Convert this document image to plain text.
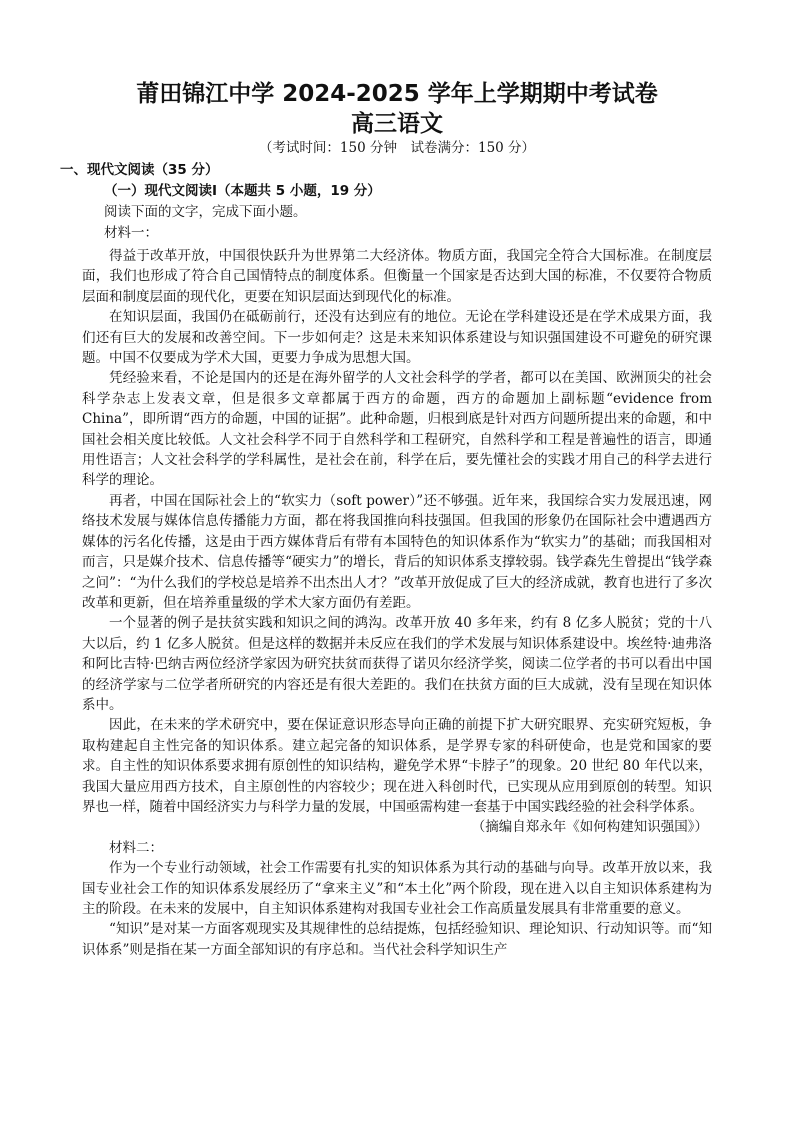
莆田锦江中学 2024-2025 学年上学期期中考试卷
高三语文
（考试时间：150 分钟　试卷满分：150 分）
一、现代文阅读（35 分）
（一）现代文阅读Ⅰ（本题共 5 小题，19 分）
阅读下面的文字，完成下面小题。
材料一：

得益于改革开放，中国很快跃升为世界第二大经济体。物质方面，我国完全符合大国标准。在制度层面，我们也形成了符合自己国情特点的制度体系。但衡量一个国家是否达到大国的标准，不仅要符合物质层面和制度层面的现代化，更要在知识层面达到现代化的标准。

在知识层面，我国仍在砥砺前行，还没有达到应有的地位。无论在学科建设还是在学术成果方面，我们还有巨大的发展和改善空间。下一步如何走？这是未来知识体系建设与知识强国建设不可避免的研究课题。中国不仅要成为学术大国，更要力争成为思想大国。

凭经验来看，不论是国内的还是在海外留学的人文社会科学的学者，都可以在美国、欧洲顶尖的社会科学杂志上发表文章，但是很多文章都属于西方的命题，西方的命题加上副标题“evidence from China”，即所谓“西方的命题，中国的证据”。此种命题，归根到底是针对西方问题所提出来的命题，和中国社会相关度比较低。人文社会科学不同于自然科学和工程研究，自然科学和工程是普遍性的语言，即通用性语言；人文社会科学的学科属性，是社会在前，科学在后，要先懂社会的实践才用自己的科学去进行科学的理论。

再者，中国在国际社会上的“软实力（soft power）”还不够强。近年来，我国综合实力发展迅速，网络技术发展与媒体信息传播能力方面，都在将我国推向科技强国。但我国的形象仍在国际社会中遭遇西方媒体的污名化传播，这是由于西方媒体背后有带有本国特色的知识体系作为“软实力”的基础；而我国相对而言，只是媒介技术、信息传播等“硬实力”的增长，背后的知识体系支撑较弱。钱学森先生曾提出“钱学森之问”：“为什么我们的学校总是培养不出杰出人才？”改革开放促成了巨大的经济成就，教育也进行了多次改革和更新，但在培养重量级的学术大家方面仍有差距。

一个显著的例子是扶贫实践和知识之间的鸿沟。改革开放 40 多年来，约有 8 亿多人脱贫；党的十八大以后，约 1 亿多人脱贫。但是这样的数据并未反应在我们的学术发展与知识体系建设中。埃丝特·迪弗洛和阿比吉特·巴纳吉两位经济学家因为研究扶贫而获得了诺贝尔经济学奖，阅读二位学者的书可以看出中国的经济学家与二位学者所研究的内容还是有很大差距的。我们在扶贫方面的巨大成就，没有呈现在知识体系中。

因此，在未来的学术研究中，要在保证意识形态导向正确的前提下扩大研究眼界、充实研究短板，争取构建起自主性完备的知识体系。建立起完备的知识体系，是学界专家的科研使命，也是党和国家的要求。自主性的知识体系要求拥有原创性的知识结构，避免学术界“卡脖子”的现象。20 世纪 80 年代以来，我国大量应用西方技术，自主原创性的内容较少；现在进入科创时代，已实现从应用到原创的转型。知识界也一样，随着中国经济实力与科学力量的发展，中国亟需构建一套基于中国实践经验的社会科学体系。

（摘编自郑永年《如何构建知识强国》）

材料二：

作为一个专业行动领域，社会工作需要有扎实的知识体系为其行动的基础与向导。改革开放以来，我国专业社会工作的知识体系发展经历了“拿来主义”和“本土化”两个阶段，现在进入以自主知识体系建构为主的阶段。在未来的发展中，自主知识体系建构对我国专业社会工作高质量发展具有非常重要的意义。

“知识”是对某一方面客观现实及其规律性的总结提炼，包括经验知识、理论知识、行动知识等。而“知识体系”则是指在某一方面全部知识的有序总和。当代社会科学知识生产
